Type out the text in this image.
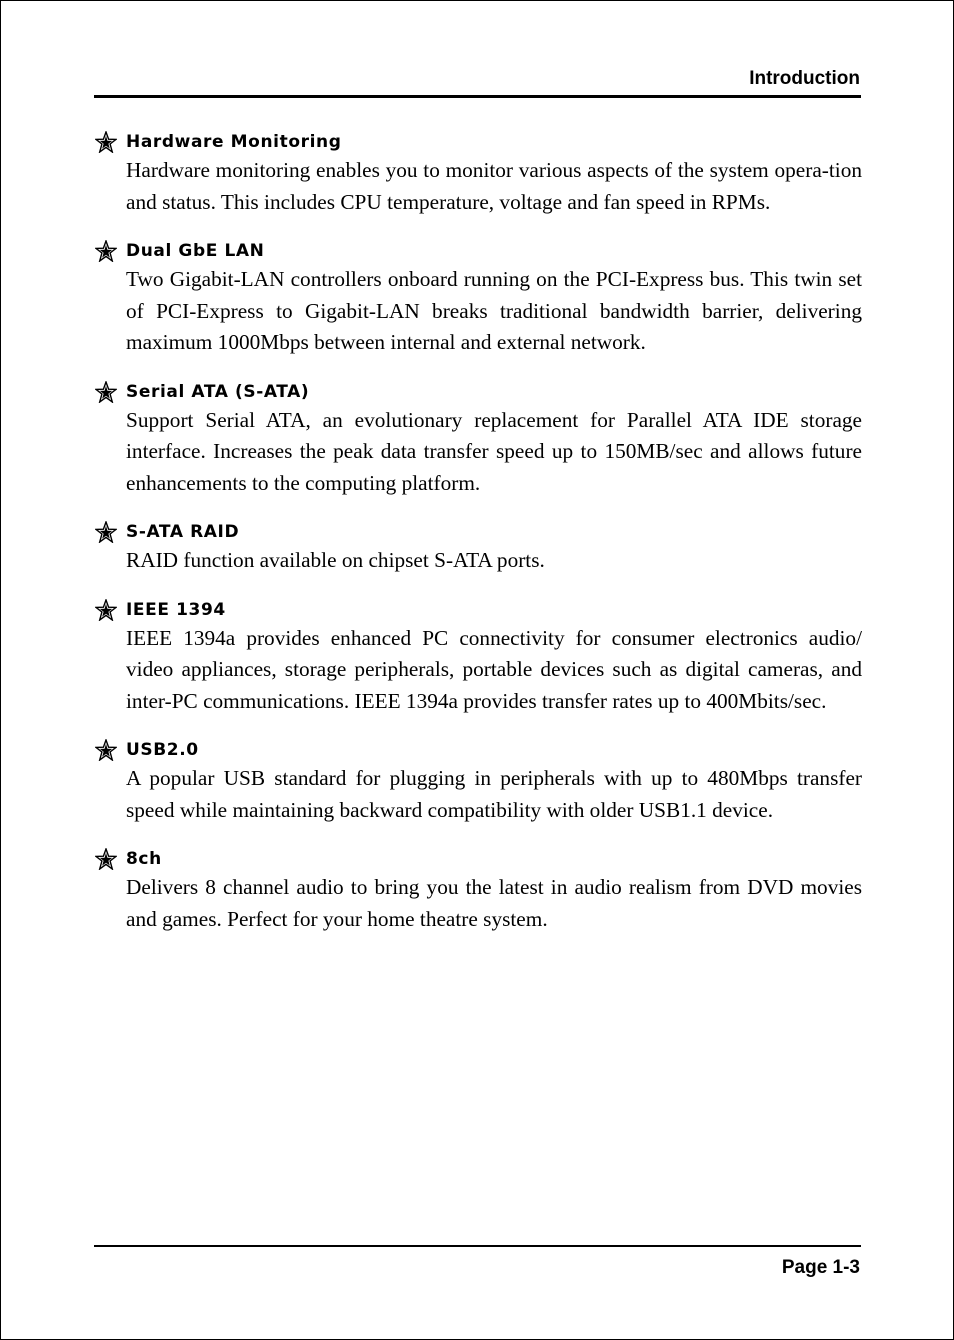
Introduction
Hardware Monitoring
Hardware monitoring enables you to monitor various aspects of the system opera-tion and status. This includes CPU temperature, voltage and fan speed in RPMs.
Dual GbE LAN
Two Gigabit-LAN controllers onboard running on the PCI-Express bus. This twin set of PCI-Express to Gigabit-LAN breaks traditional bandwidth barrier, delivering maximum 1000Mbps between internal and external network.
Serial ATA (S-ATA)
Support Serial ATA, an evolutionary replacement for Parallel ATA IDE storage interface. Increases the peak data transfer speed up to 150MB/sec and allows future enhancements to the computing platform.
S-ATA RAID
RAID function available on chipset S-ATA ports.
IEEE 1394
IEEE 1394a provides enhanced PC connectivity for consumer electronics audio/ video appliances, storage peripherals, portable devices such as digital cameras, and inter-PC communications. IEEE 1394a provides transfer rates up to 400Mbits/sec.
USB2.0
A popular USB standard for plugging in peripherals with up to 480Mbps transfer speed while maintaining backward compatibility with older USB1.1 device.
8ch
Delivers 8 channel audio to bring you the latest in audio realism from DVD movies and games. Perfect for your home theatre system.
Page 1-3
